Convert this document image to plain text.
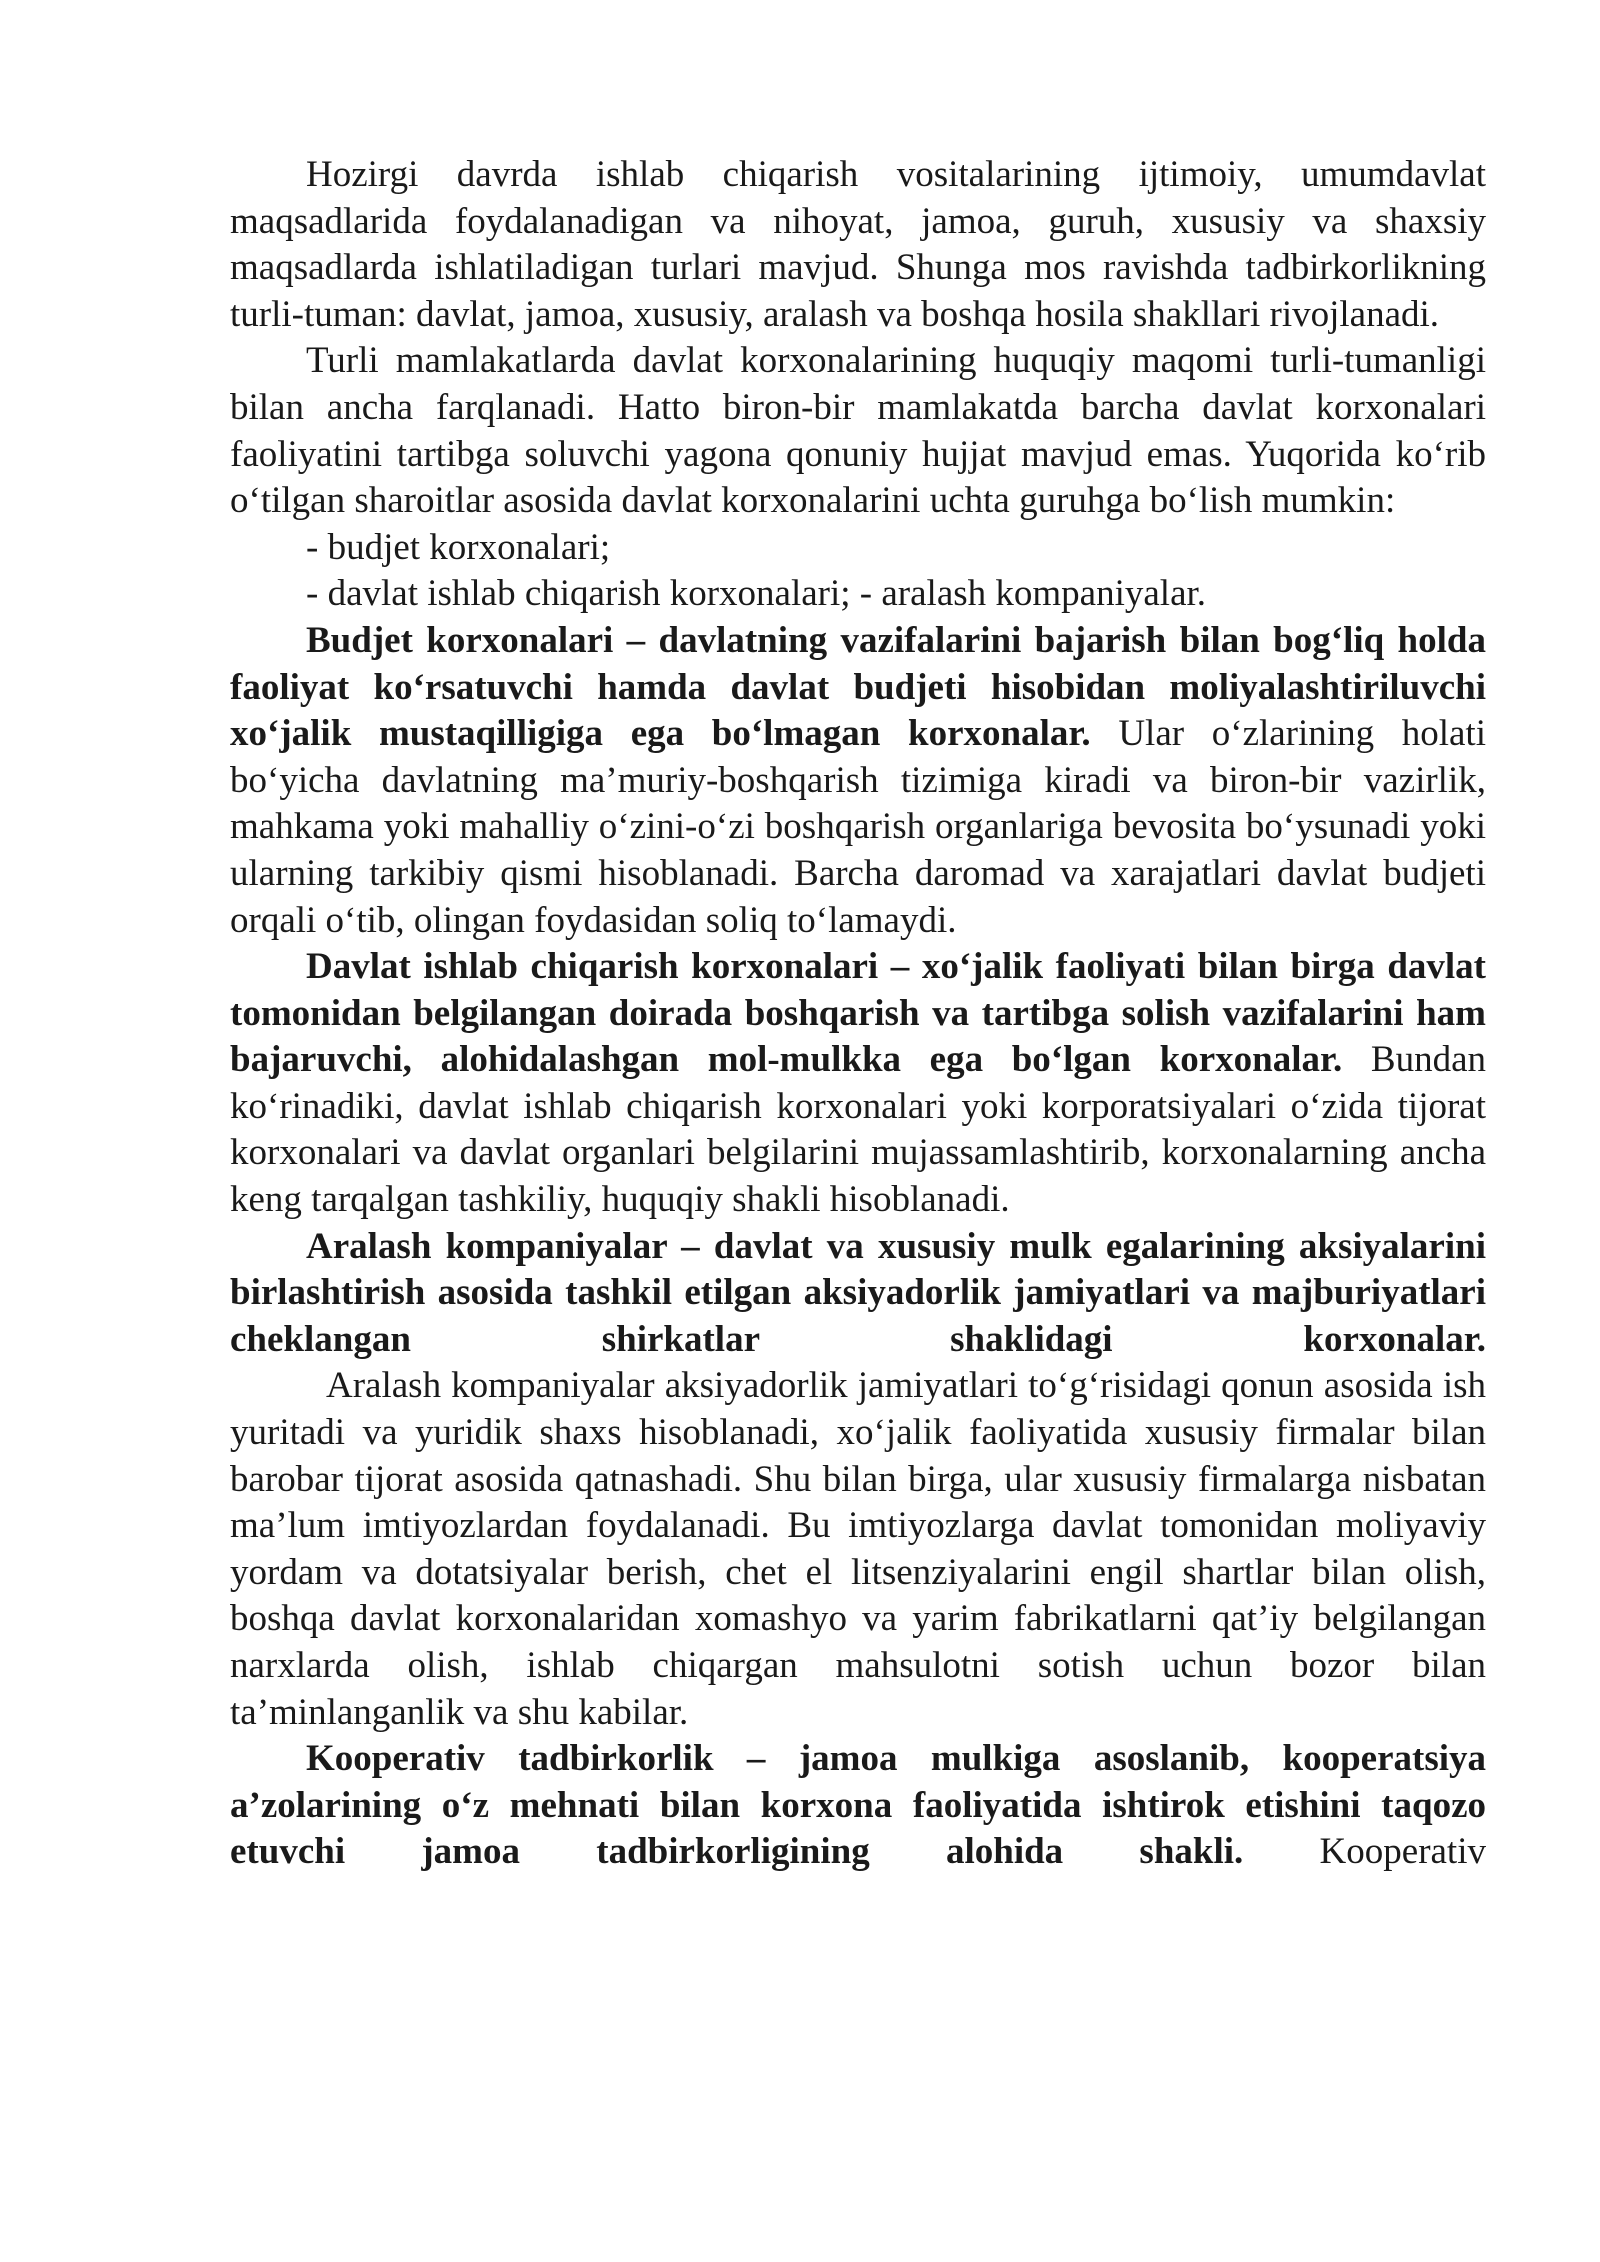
Hozirgi davrda ishlab chiqarish vositalarining ijtimoiy, umumdavlat maqsadlarida foydalanadigan va nihoyat, jamoa, guruh, xususiy va shaxsiy maqsadlarda ishlatiladigan turlari mavjud. Shunga mos ravishda tadbirkorlikning turli-tuman: davlat, jamoa, xususiy, aralash va boshqa hosila shakllari rivojlanadi.

Turli mamlakatlarda davlat korxonalarining huquqiy maqomi turli-tumanligi bilan ancha farqlanadi. Hatto biron-bir mamlakatda barcha davlat korxonalari faoliyatini tartibga soluvchi yagona qonuniy hujjat mavjud emas. Yuqorida koʻrib oʻtilgan sharoitlar asosida davlat korxonalarini uchta guruhga boʻlish mumkin:

- budjet korxonalari;

- davlat ishlab chiqarish korxonalari; - aralash kompaniyalar.

Budjet korxonalari – davlatning vazifalarini bajarish bilan bogʻliq holda faoliyat koʻrsatuvchi hamda davlat budjeti hisobidan moliyalashtiriluvchi xoʻjalik mustaqilligiga ega boʻlmagan korxonalar. Ular oʻzlarining holati boʻyicha davlatning maʼmuriy-boshqarish tizimiga kiradi va biron-bir vazirlik, mahkama yoki mahalliy oʻzini-oʻzi boshqarish organlariga bevosita boʻysunadi yoki ularning tarkibiy qismi hisoblanadi. Barcha daromad va xarajatlari davlat budjeti orqali oʻtib, olingan foydasidan soliq toʻlamaydi.

Davlat ishlab chiqarish korxonalari – xoʻjalik faoliyati bilan birga davlat tomonidan belgilangan doirada boshqarish va tartibga solish vazifalarini ham bajaruvchi, alohidalashgan mol-mulkka ega boʻlgan korxonalar. Bundan koʻrinadiki, davlat ishlab chiqarish korxonalari yoki korporatsiyalari oʻzida tijorat korxonalari va davlat organlari belgilarini mujassamlashtirib, korxonalarning ancha keng tarqalgan tashkiliy, huquqiy shakli hisoblanadi.

Aralash kompaniyalar – davlat va xususiy mulk egalarining aksiyalarini birlashtirish asosida tashkil etilgan aksiyadorlik jamiyatlari va majburiyatlari cheklangan shirkatlar shaklidagi korxonalar.

Aralash kompaniyalar aksiyadorlik jamiyatlari toʻgʻrisidagi qonun asosida ish yuritadi va yuridik shaxs hisoblanadi, xoʻjalik faoliyatida xususiy firmalar bilan barobar tijorat asosida qatnashadi. Shu bilan birga, ular xususiy firmalarga nisbatan maʼlum imtiyozlardan foydalanadi. Bu imtiyozlarga davlat tomonidan moliyaviy yordam va dotatsiyalar berish, chet el litsenziyalarini engil shartlar bilan olish, boshqa davlat korxonalaridan xomashyo va yarim fabrikatlarni qatʼiy belgilangan narxlarda olish, ishlab chiqargan mahsulotni sotish uchun bozor bilan taʼminlanganlik va shu kabilar.

Kooperativ tadbirkorlik – jamoa mulkiga asoslanib, kooperatsiya aʼzolarining oʻz mehnati bilan korxona faoliyatida ishtirok etishini taqozo etuvchi jamoa tadbirkorligining alohida shakli. Kooperativ
